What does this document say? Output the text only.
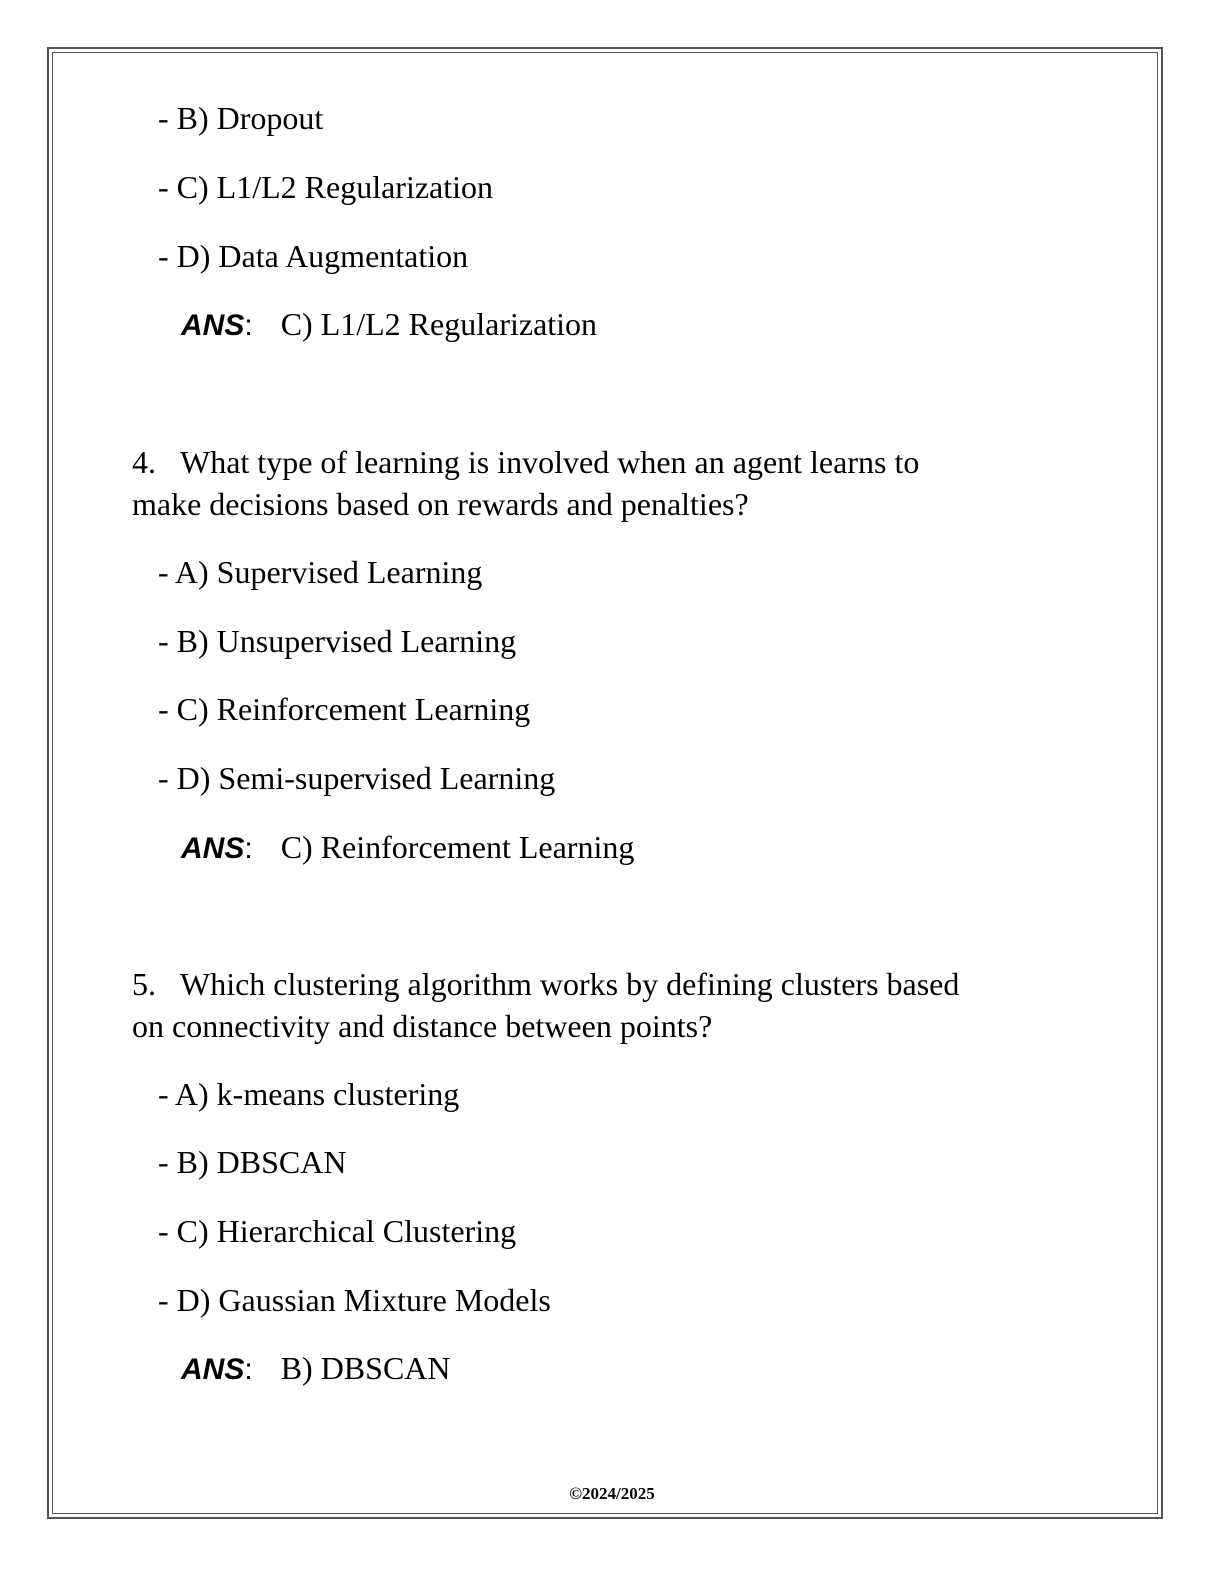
- B) Dropout
- C) L1/L2 Regularization
- D) Data Augmentation
ANS: C) L1/L2 Regularization
4. What type of learning is involved when an agent learns to
make decisions based on rewards and penalties?
- A) Supervised Learning
- B) Unsupervised Learning
- C) Reinforcement Learning
- D) Semi-supervised Learning
ANS: C) Reinforcement Learning
5. Which clustering algorithm works by defining clusters based
on connectivity and distance between points?
- A) k-means clustering
- B) DBSCAN
- C) Hierarchical Clustering
- D) Gaussian Mixture Models
ANS: B) DBSCAN
©2024/2025
